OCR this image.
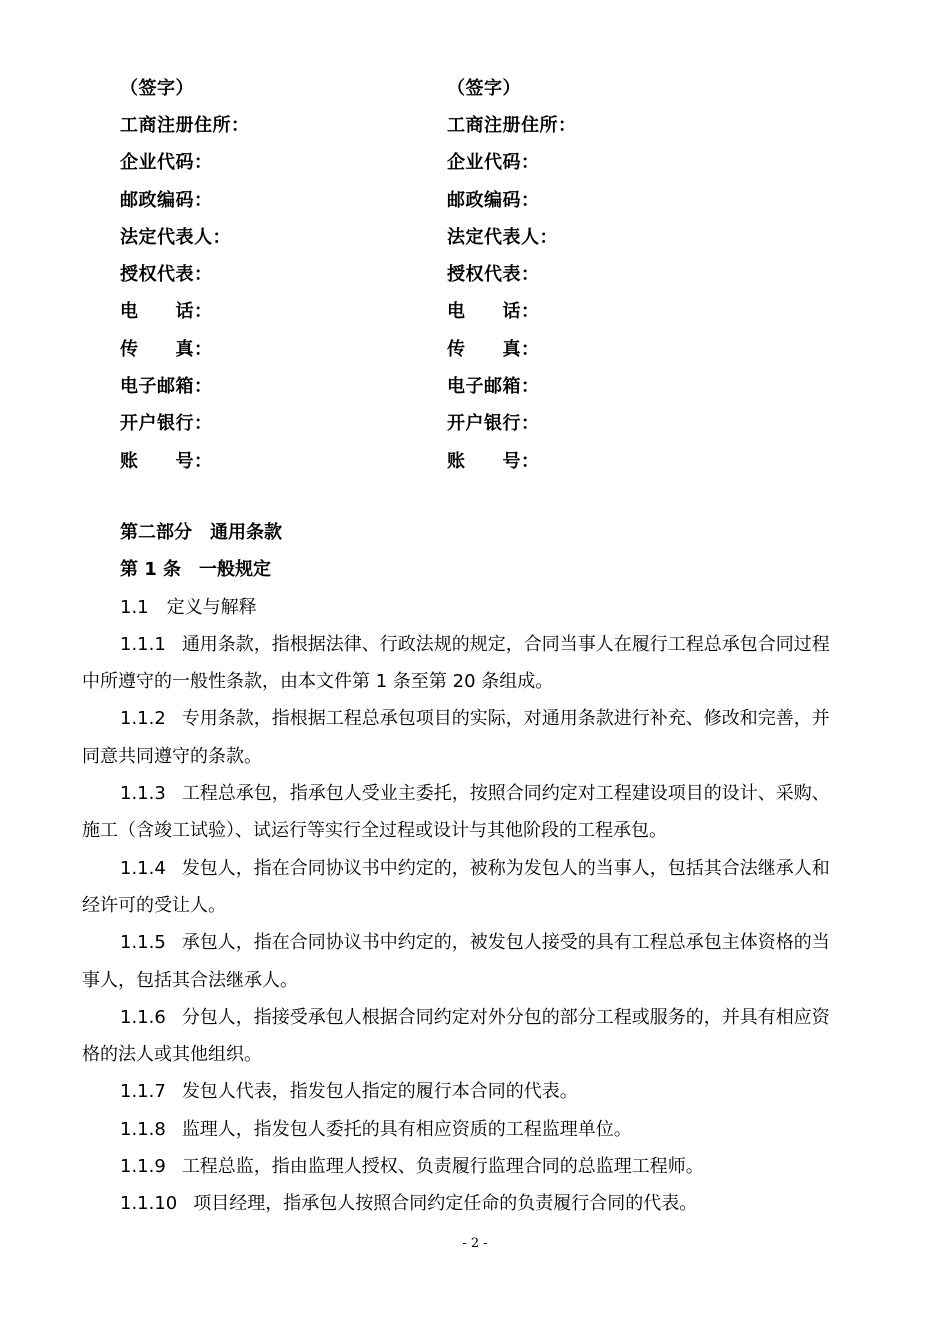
（签字）	（签字）
工商注册住所：	工商注册住所：
企业代码：	企业代码：
邮政编码：	邮政编码：
法定代表人：	法定代表人：
授权代表：	授权代表：
电　　话：	电　　话：
传　　真：	传　　真：
电子邮箱：	电子邮箱：
开户银行：	开户银行：
账　　号：	账　　号：
第二部分　通用条款
第 1 条　一般规定
1.1　定义与解释
1.1.1 通用条款，指根据法律、行政法规的规定，合同当事人在履行工程总承包合同过程
中所遵守的一般性条款，由本文件第 1 条至第 20 条组成。
1.1.2 专用条款，指根据工程总承包项目的实际，对通用条款进行补充、修改和完善，并
同意共同遵守的条款。
1.1.3 工程总承包，指承包人受业主委托，按照合同约定对工程建设项目的设计、采购、
施工（含竣工试验）、试运行等实行全过程或设计与其他阶段的工程承包。
1.1.4 发包人，指在合同协议书中约定的，被称为发包人的当事人，包括其合法继承人和
经许可的受让人。
1.1.5 承包人，指在合同协议书中约定的，被发包人接受的具有工程总承包主体资格的当
事人，包括其合法继承人。
1.1.6 分包人，指接受承包人根据合同约定对外分包的部分工程或服务的，并具有相应资
格的法人或其他组织。
1.1.7 发包人代表，指发包人指定的履行本合同的代表。
1.1.8 监理人，指发包人委托的具有相应资质的工程监理单位。
1.1.9 工程总监，指由监理人授权、负责履行监理合同的总监理工程师。
1.1.10 项目经理，指承包人按照合同约定任命的负责履行合同的代表。
- 2 -
